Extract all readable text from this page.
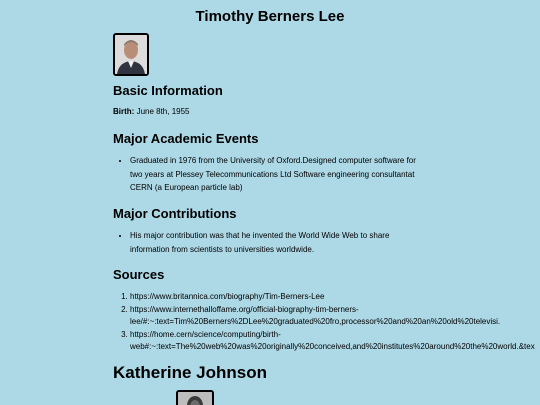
Timothy Berners Lee
Basic Information

Birth: June 8th, 1955

Major Academic Events
• Graduated in 1976 from the University of Oxford.Designed computer software for
two years at Plessey Telecommunications Ltd Software engineering consultantat
CERN (a European particle lab)
Major Contributions
• His major contribution was that he invented the World Wide Web to share
information from scientists to universities worldwide.
Sources
1. https://www.britannica.com/biography/Tim-Berners-Lee
2. https://www.internethalloffame.org/official-biography-tim-berners-
lee/#:~:text=Tim%20Berners%2DLee%20graduated%20fro,processor%20and%20an%20old%20televisi.
3. https://home.cern/science/computing/birth-
web#:~:text=The%20web%20was%20originally%20conceived,and%20institutes%20around%20the%20world.&tex
Katherine Johnson
